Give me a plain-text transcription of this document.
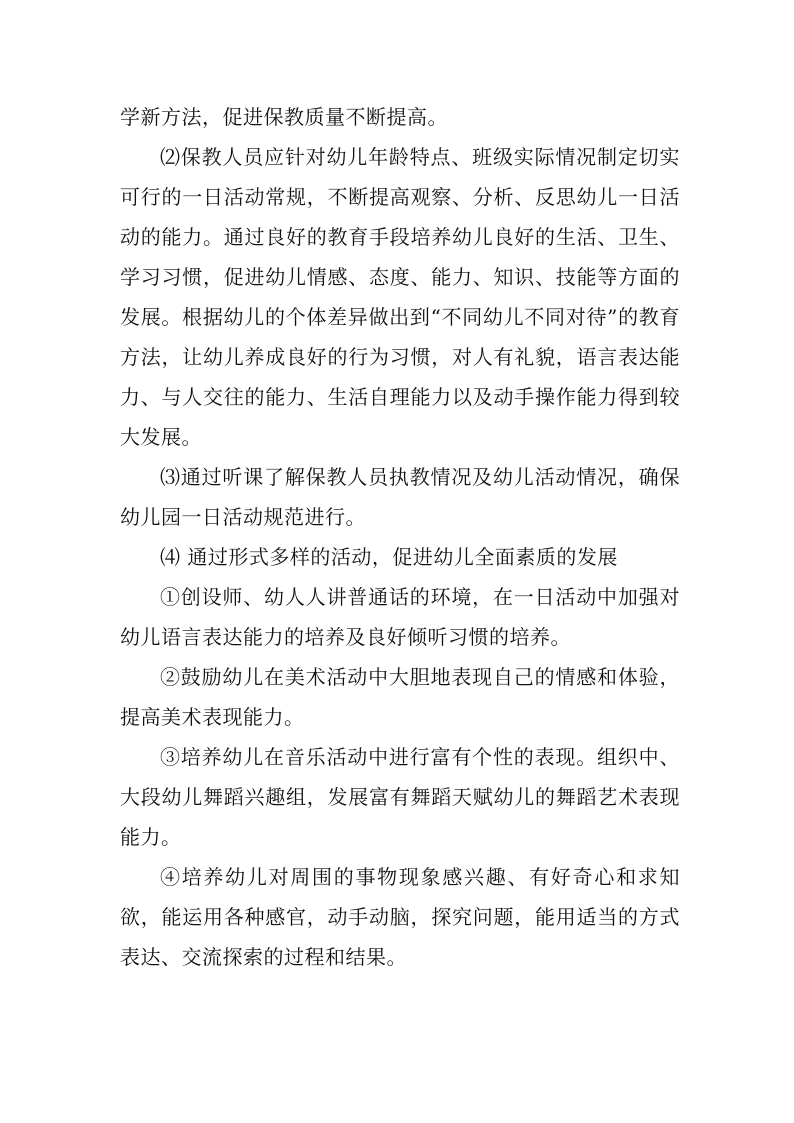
学新方法，促进保教质量不断提高。

⑵保教人员应针对幼儿年龄特点、班级实际情况制定切实可行的一日活动常规，不断提高观察、分析、反思幼儿一日活动的能力。通过良好的教育手段培养幼儿良好的生活、卫生、学习习惯，促进幼儿情感、态度、能力、知识、技能等方面的发展。根据幼儿的个体差异做出到“不同幼儿不同对待”的教育方法，让幼儿养成良好的行为习惯，对人有礼貌，语言表达能力、与人交往的能力、生活自理能力以及动手操作能力得到较大发展。

⑶通过听课了解保教人员执教情况及幼儿活动情况，确保幼儿园一日活动规范进行。

⑷ 通过形式多样的活动，促进幼儿全面素质的发展

①创设师、幼人人讲普通话的环境，在一日活动中加强对幼儿语言表达能力的培养及良好倾听习惯的培养。

②鼓励幼儿在美术活动中大胆地表现自己的情感和体验，提高美术表现能力。

③培养幼儿在音乐活动中进行富有个性的表现。组织中、大段幼儿舞蹈兴趣组，发展富有舞蹈天赋幼儿的舞蹈艺术表现能力。

④培养幼儿对周围的事物现象感兴趣、有好奇心和求知欲，能运用各种感官，动手动脑，探究问题，能用适当的方式表达、交流探索的过程和结果。
